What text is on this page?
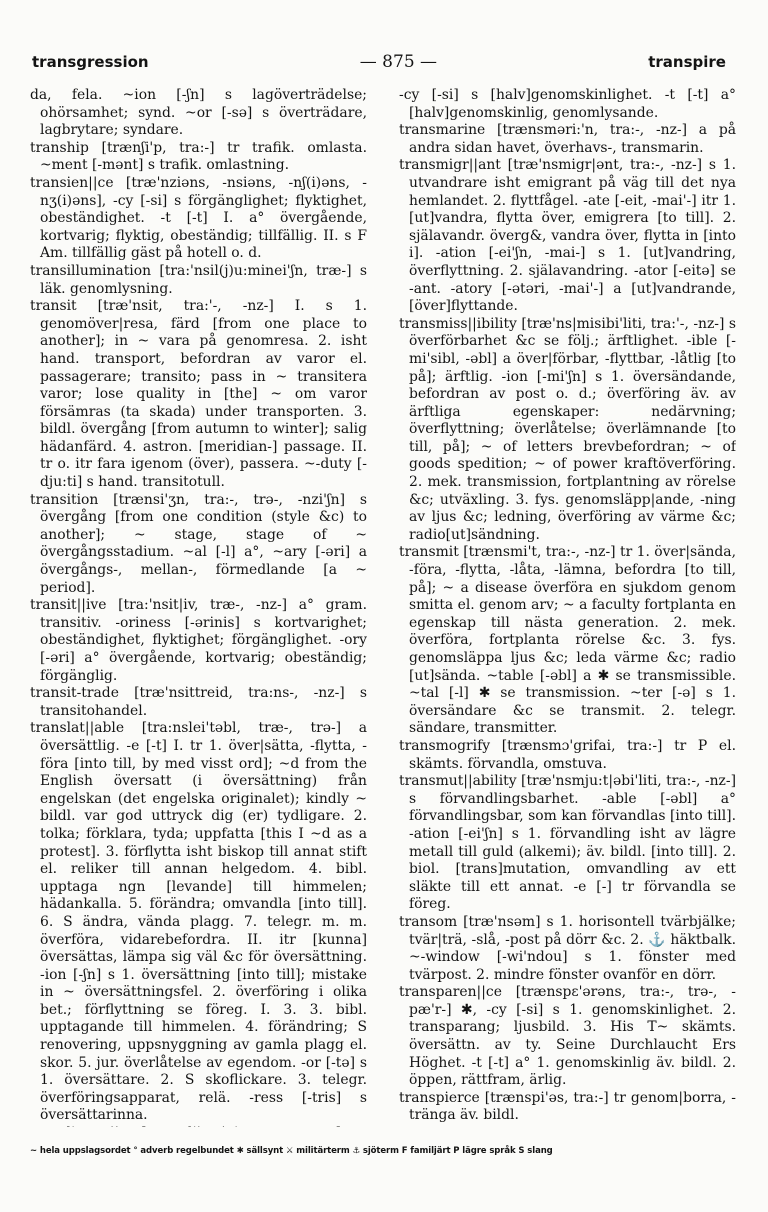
transgression	— 875 —	transpire

da, fela. ~ion [-ʃn] s lagöverträdelse; ohörsamhet; synd. ~or [-sə] s överträdare, lagbrytare; syndare.

tranship [trænʃi'p, tra:-] tr trafik. omlasta. ~ment [-mənt] s trafik. omlastning.

transien||ce [træ'nziəns, -nsiəns, -nʃ(i)əns, -nʒ(i)əns], -cy [-si] s förgänglighet; flyktighet, obeständighet. -t [-t] I. a° övergående, kortvarig; flyktig, obeständig; tillfällig. II. s F Am. tillfällig gäst på hotell o. d.

transillumination [tra:'nsil(j)u:minei'ʃn, træ-] s läk. genomlysning.

transit [træ'nsit, tra:'-, -nz-] I. s 1. genomöver|resa, färd [from one place to another]; in ~ vara på genomresa. 2. isht hand. transport, befordran av varor el. passagerare; transito; pass in ~ transitera varor; lose quality in [the] ~ om varor försämras (ta skada) under transporten. 3. bildl. övergång [from autumn to winter]; salig hädanfärd. 4. astron. [meridian-] passage. II. tr o. itr fara igenom (över), passera. ~-duty [-dju:ti] s hand. transitotull.

transition [trænsi'ʒn, tra:-, trə-, -nzi'ʃn] s övergång [from one condition (style &c) to another]; ~ stage, stage of ~ övergångsstadium. ~al [-l] a°, ~ary [-əri] a övergångs-, mellan-, förmedlande [a ~ period].

transit||ive [tra:'nsit|iv, træ-, -nz-] a° gram. transitiv. -oriness [-ərinis] s kortvarighet; obeständighet, flyktighet; förgänglighet. -ory [-əri] a° övergående, kortvarig; obeständig; förgänglig.

transit-trade [træ'nsittreid, tra:ns-, -nz-] s transitohandel.

translat||able [tra:nslei'təbl, træ-, trə-] a översättlig. -e [-t] I. tr 1. över|sätta, -flytta, -föra [into till, by med visst ord]; ~d from the English översatt (i översättning) från engelskan (det engelska originalet); kindly ~ bildl. var god uttryck dig (er) tydligare. 2. tolka; förklara, tyda; uppfatta [this I ~d as a protest]. 3. förflytta isht biskop till annat stift el. reliker till annan helgedom. 4. bibl. upptaga ngn [levande] till himmelen; hädankalla. 5. förändra; omvandla [into till]. 6. S ändra, vända plagg. 7. telegr. m. m. överföra, vidarebefordra. II. itr [kunna] översättas, lämpa sig väl &c för översättning. -ion [-ʃn] s 1. översättning [into till]; mistake in ~ översättningsfel. 2. överföring i olika bet.; förflyttning se föreg. I. 3. 3. bibl. upptagande till himmelen. 4. förändring; S renovering, uppsnyggning av gamla plagg el. skor. 5. jur. överlåtelse av egendom. -or [-tə] s 1. översättare. 2. S skoflickare. 3. telegr. överföringsapparat, relä. -ress [-tris] s översättarinna.

-cy [-si] s [halv]genomskinlighet. -t [-t] a° [halv]genomskinlig, genomlysande.

transmarine [trænsməri:'n, tra:-, -nz-] a på andra sidan havet, överhavs-, transmarin.

transmigr||ant [træ'nsmigr|ənt, tra:-, -nz-] s 1. utvandrare isht emigrant på väg till det nya hemlandet. 2. flyttfågel. -ate [-eit, -mai'-] itr 1. [ut]vandra, flytta över, emigrera [to till]. 2. själavandr. överg&, vandra över, flytta in [into i]. -ation [-ei'ʃn, -mai-] s 1. [ut]vandring, överflyttning. 2. själavandring. -ator [-eitə] se -ant. -atory [-ətəri, -mai'-] a [ut]vandrande, [över]flyttande.

transmiss||ibility [træ'ns|misibi'liti, tra:'-, -nz-] s överförbarhet &c se följ.; ärftlighet. -ible [-mi'sibl, -əbl] a över|förbar, -flyttbar, -låtlig [to på]; ärftlig. -ion [-mi'ʃn] s 1. översändande, befordran av post o. d.; överföring äv. av ärftliga egenskaper: nedärvning; överflyttning; överlåtelse; överlämnande [to till, på]; ~ of letters brevbefordran; ~ of goods spedition; ~ of power kraftöverföring. 2. mek. transmission, fortplantning av rörelse &c; utväxling. 3. fys. genomsläpp|ande, -ning av ljus &c; ledning, överföring av värme &c; radio[ut]sändning.

transmit [trænsmi't, tra:-, -nz-] tr 1. över|sända, -föra, -flytta, -låta, -lämna, befordra [to till, på]; ~ a disease överföra en sjukdom genom smitta el. genom arv; ~ a faculty fortplanta en egenskap till nästa generation. 2. mek. överföra, fortplanta rörelse &c. 3. fys. genomsläppa ljus &c; leda värme &c; radio [ut]sända. ~table [-əbl] a ✱ se transmissible. ~tal [-l] ✱ se transmission. ~ter [-ə] s 1. översändare &c se transmit. 2. telegr. sändare, transmitter.

transmogrify [trænsmɔ'grifai, tra:-] tr P el. skämts. förvandla, omstuva.

transmut||ability [træ'nsmju:t|əbi'liti, tra:-, -nz-] s förvandlingsbarhet. -able [-əbl] a° förvandlingsbar, som kan förvandlas [into till]. -ation [-ei'ʃn] s 1. förvandling isht av lägre metall till guld (alkemi); äv. bildl. [into till]. 2. biol. [trans]mutation, omvandling av ett släkte till ett annat. -e [-] tr förvandla se föreg.

transom [træ'nsəm] s 1. horisontell tvärbjälke; tvär|trä, -slå, -post på dörr &c. 2. ⚓ häktbalk. ~-window [-wi'ndou] s 1. fönster med tvärpost. 2. mindre fönster ovanför en dörr.

transparen||ce [trænspɛ'ərəns, tra:-, trə-, -pæ'r-] ✱, -cy [-si] s 1. genomskinlighet. 2. transparang; ljusbild. 3. His T~ skämts. översättn. av ty. Seine Durchlaucht Ers Höghet. -t [-t] a° 1. genomskinlig äv. bildl. 2. öppen, rättfram, ärlig.

transpierce [trænspi'əs, tra:-] tr genom|borra, -tränga äv. bildl.

~ hela uppslagsordet ° adverb regelbundet ✱ sällsynt ⚔ militärterm ⚓ sjöterm F familjärt P lägre språk S slang
